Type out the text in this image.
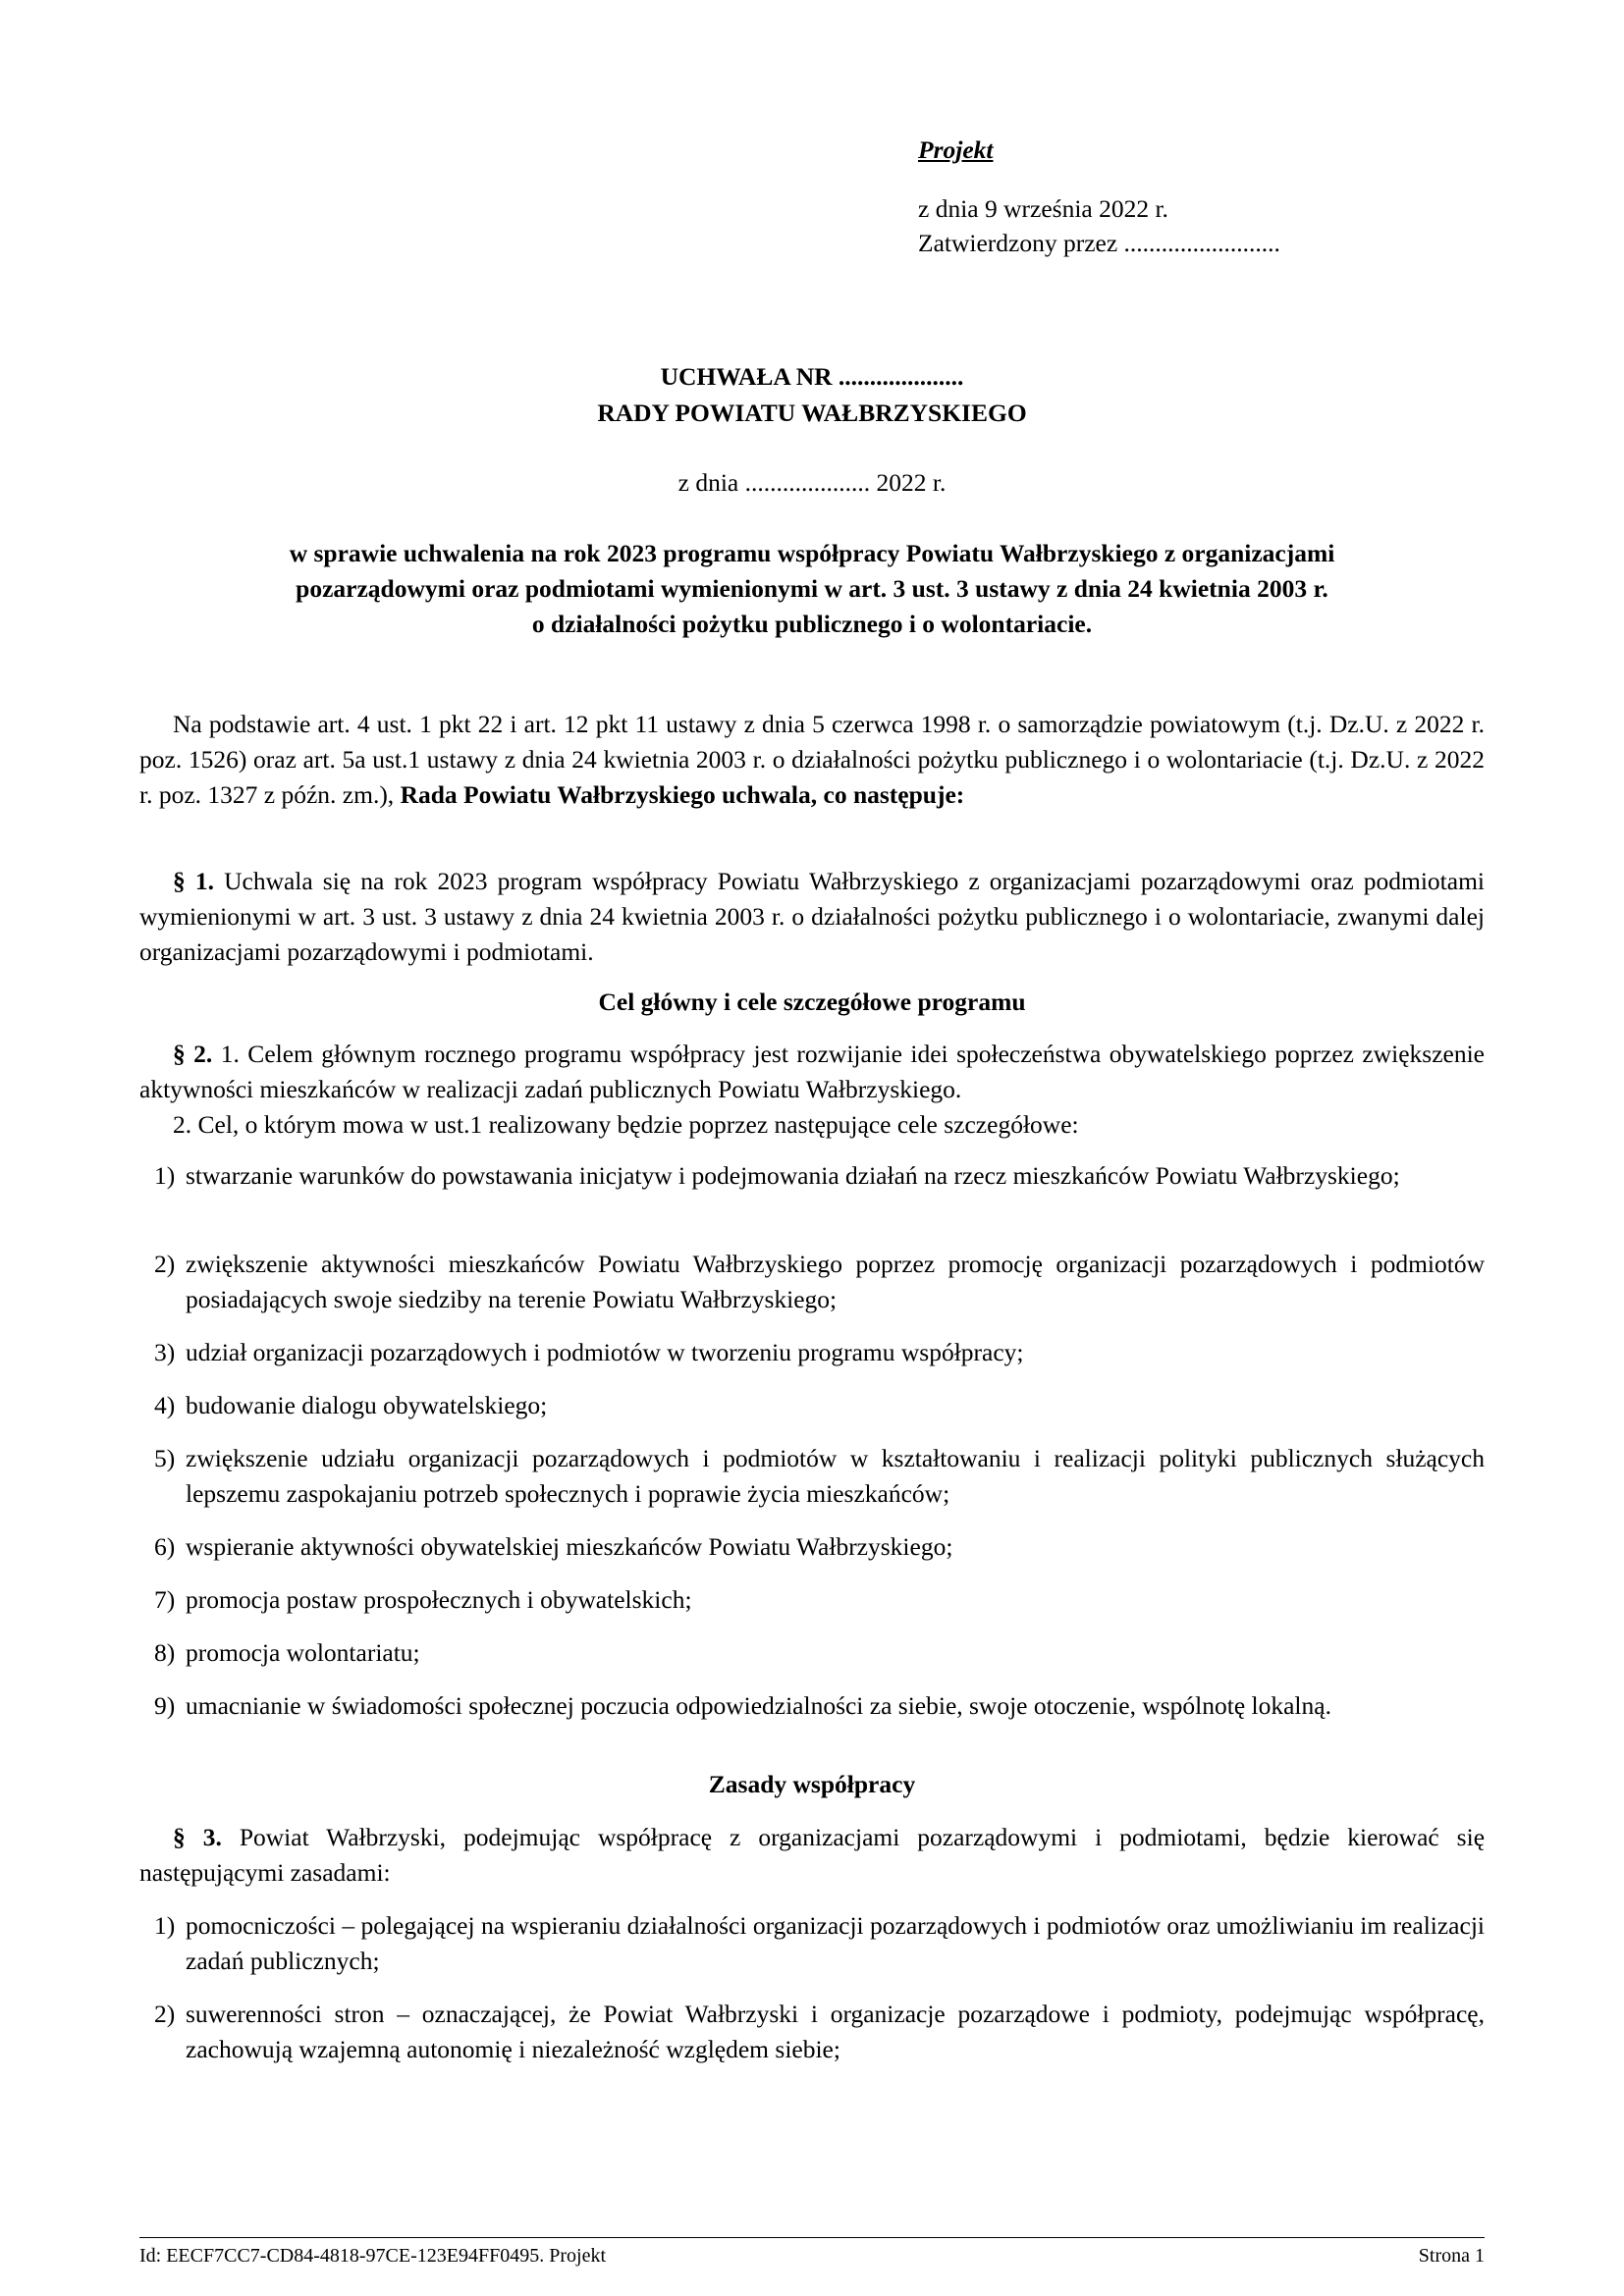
Projekt
z dnia 9 września 2022 r.
Zatwierdzony przez .........................
UCHWAŁA NR ....................
RADY POWIATU WAŁBRZYSKIEGO
z dnia .................... 2022 r.
w sprawie uchwalenia na rok 2023 programu współpracy Powiatu Wałbrzyskiego z organizacjami
pozarządowymi oraz podmiotami wymienionymi w art. 3 ust. 3 ustawy z dnia 24 kwietnia 2003 r.
o działalności pożytku publicznego i o wolontariacie.
Na podstawie art. 4 ust. 1 pkt 22 i art. 12 pkt 11 ustawy z dnia 5 czerwca 1998 r. o samorządzie powiatowym (t.j. Dz.U. z 2022 r. poz. 1526) oraz art. 5a ust.1 ustawy z dnia 24 kwietnia 2003 r. o działalności pożytku publicznego i o wolontariacie (t.j. Dz.U. z 2022 r. poz. 1327 z późn. zm.), Rada Powiatu Wałbrzyskiego uchwala, co następuje:
§ 1. Uchwala się na rok 2023 program współpracy Powiatu Wałbrzyskiego z organizacjami pozarządowymi oraz podmiotami wymienionymi w art. 3 ust. 3 ustawy z dnia 24 kwietnia 2003 r. o działalności pożytku publicznego i o wolontariacie, zwanymi dalej organizacjami pozarządowymi i podmiotami.
Cel główny i cele szczegółowe programu
§ 2. 1. Celem głównym rocznego programu współpracy jest rozwijanie idei społeczeństwa obywatelskiego poprzez zwiększenie aktywności mieszkańców w realizacji zadań publicznych Powiatu Wałbrzyskiego.
2. Cel, o którym mowa w ust.1 realizowany będzie poprzez następujące cele szczegółowe:
1) stwarzanie warunków do powstawania inicjatyw i podejmowania działań na rzecz mieszkańców Powiatu Wałbrzyskiego;
2) zwiększenie aktywności mieszkańców Powiatu Wałbrzyskiego poprzez promocję organizacji pozarządowych i podmiotów posiadających swoje siedziby na terenie Powiatu Wałbrzyskiego;
3) udział organizacji pozarządowych i podmiotów w tworzeniu programu współpracy;
4) budowanie dialogu obywatelskiego;
5) zwiększenie udziału organizacji pozarządowych i podmiotów w kształtowaniu i realizacji polityki publicznych służących lepszemu zaspokajaniu potrzeb społecznych i poprawie życia mieszkańców;
6) wspieranie aktywności obywatelskiej mieszkańców Powiatu Wałbrzyskiego;
7) promocja postaw prospołecznych i obywatelskich;
8) promocja wolontariatu;
9) umacnianie w świadomości społecznej poczucia odpowiedzialności za siebie, swoje otoczenie, wspólnotę lokalną.
Zasady współpracy
§ 3. Powiat Wałbrzyski, podejmując współpracę z organizacjami pozarządowymi i podmiotami, będzie kierować się następującymi zasadami:
1) pomocniczości – polegającej na wspieraniu działalności organizacji pozarządowych i podmiotów oraz umożliwianiu im realizacji zadań publicznych;
2) suwerenności stron – oznaczającej, że Powiat Wałbrzyski i organizacje pozarządowe i podmioty, podejmując współpracę, zachowują wzajemną autonomię i niezależność względem siebie;
Id: EECF7CC7-CD84-4818-97CE-123E94FF0495. Projekt	Strona 1
